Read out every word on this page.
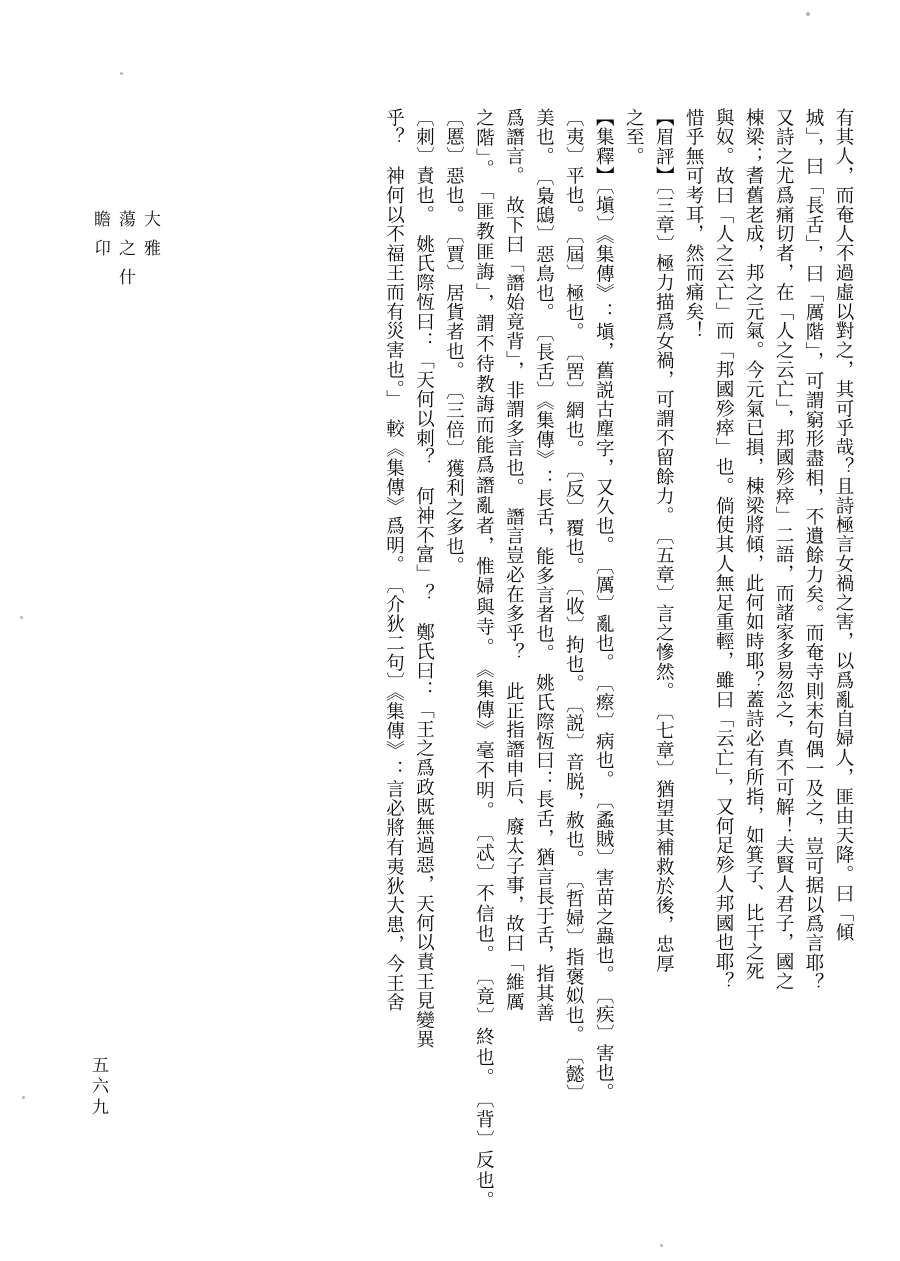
大雅
蕩之什
瞻卬
五六九
有其人，而奄人不過虛以對之，其可乎哉？且詩極言女禍之害，以爲亂自婦人，匪由天降。曰「傾
城」，曰「長舌」，曰「厲階」，可謂窮形盡相，不遺餘力矣。而奄寺則末句偶一及之，豈可据以爲言耶？
又詩之尤爲痛切者，在「人之云亡」，邦國殄瘁」二語，而諸家多易忽之，真不可解！夫賢人君子，國之
棟梁；耆舊老成，邦之元氣。今元氣已損，棟梁將傾，此何如時耶？蓋詩必有所指，如箕子、比干之死
與奴。故曰「人之云亡」而「邦國殄瘁」也。倘使其人無足重輕，雖曰「云亡」，又何足殄人邦國也耶？
惜乎無可考耳，然而痛矣！
【眉評】〔三章〕極力描爲女禍，可謂不留餘力。　〔五章〕言之慘然。　〔七章〕猶望其補救於後，忠厚
之至。
【集釋】〔塡〕《集傳》：塡，舊説古塵字，又久也。　〔厲〕亂也。　〔瘵〕病也。　〔蟊賊〕害苗之蟲也。　〔疾〕害也。
〔夷〕平也。　〔屆〕極也。　〔罟〕網也。　〔反〕覆也。　〔收〕拘也。　〔説〕音脱，赦也。　〔哲婦〕指褒姒也。　〔懿〕
美也。　〔梟鴟〕惡鳥也。　〔長舌〕《集傳》：長舌，能多言者也。　姚氏際恆曰：長舌，猶言長于舌，指其善
爲譖言。　故下曰「譖始竟背」，非謂多言也。　譖言豈必在多乎？　此正指譖申后、廢太子事，故曰「維厲
之階」。　「匪教匪誨」，謂不待教誨而能爲譖亂者，惟婦與寺。　《集傳》毫不明。　〔忒〕不信也。　〔竟〕終也。　〔背〕反也。　〔慝〕惡也。　〔賈〕居貨者也。　〔三倍〕獲利之多也。
〔刺〕責也。　姚氏際恆曰：「天何以刺？　何神不富」？　鄭氏曰：「王之爲政既無過惡，天何以責王見變異
乎？　神何以不福王而有災害也。」　較《集傳》爲明。　〔介狄二句〕《集傳》：言必將有夷狄大患，今王舍
